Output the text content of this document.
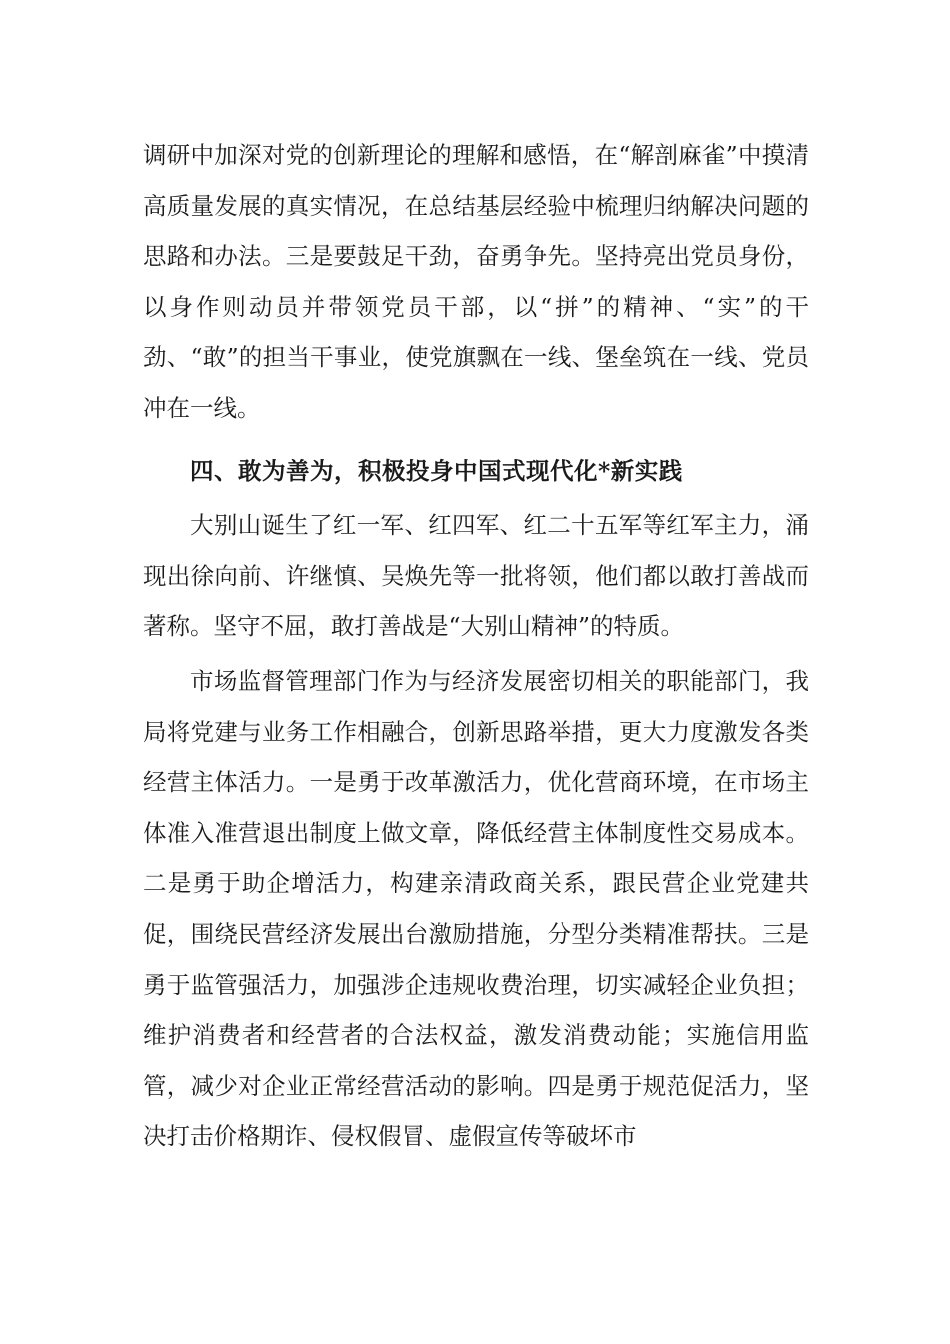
调研中加深对党的创新理论的理解和感悟，在“解剖麻雀”中摸清高质量发展的真实情况，在总结基层经验中梳理归纳解决问题的思路和办法。三是要鼓足干劲，奋勇争先。坚持亮出党员身份，以身作则动员并带领党员干部，以“拼”的精神、“实”的干劲、“敢”的担当干事业，使党旗飘在一线、堡垒筑在一线、党员冲在一线。

四、敢为善为，积极投身中国式现代化*新实践

大别山诞生了红一军、红四军、红二十五军等红军主力，涌现出徐向前、许继慎、吴焕先等一批将领，他们都以敢打善战而著称。坚守不屈，敢打善战是“大别山精神”的特质。

市场监督管理部门作为与经济发展密切相关的职能部门，我局将党建与业务工作相融合，创新思路举措，更大力度激发各类经营主体活力。一是勇于改革激活力，优化营商环境，在市场主体准入准营退出制度上做文章，降低经营主体制度性交易成本。二是勇于助企增活力，构建亲清政商关系，跟民营企业党建共促，围绕民营经济发展出台激励措施，分型分类精准帮扶。三是勇于监管强活力，加强涉企违规收费治理，切实减轻企业负担；维护消费者和经营者的合法权益，激发消费动能；实施信用监管，减少对企业正常经营活动的影响。四是勇于规范促活力，坚决打击价格期诈、侵权假冒、虚假宣传等破坏市
